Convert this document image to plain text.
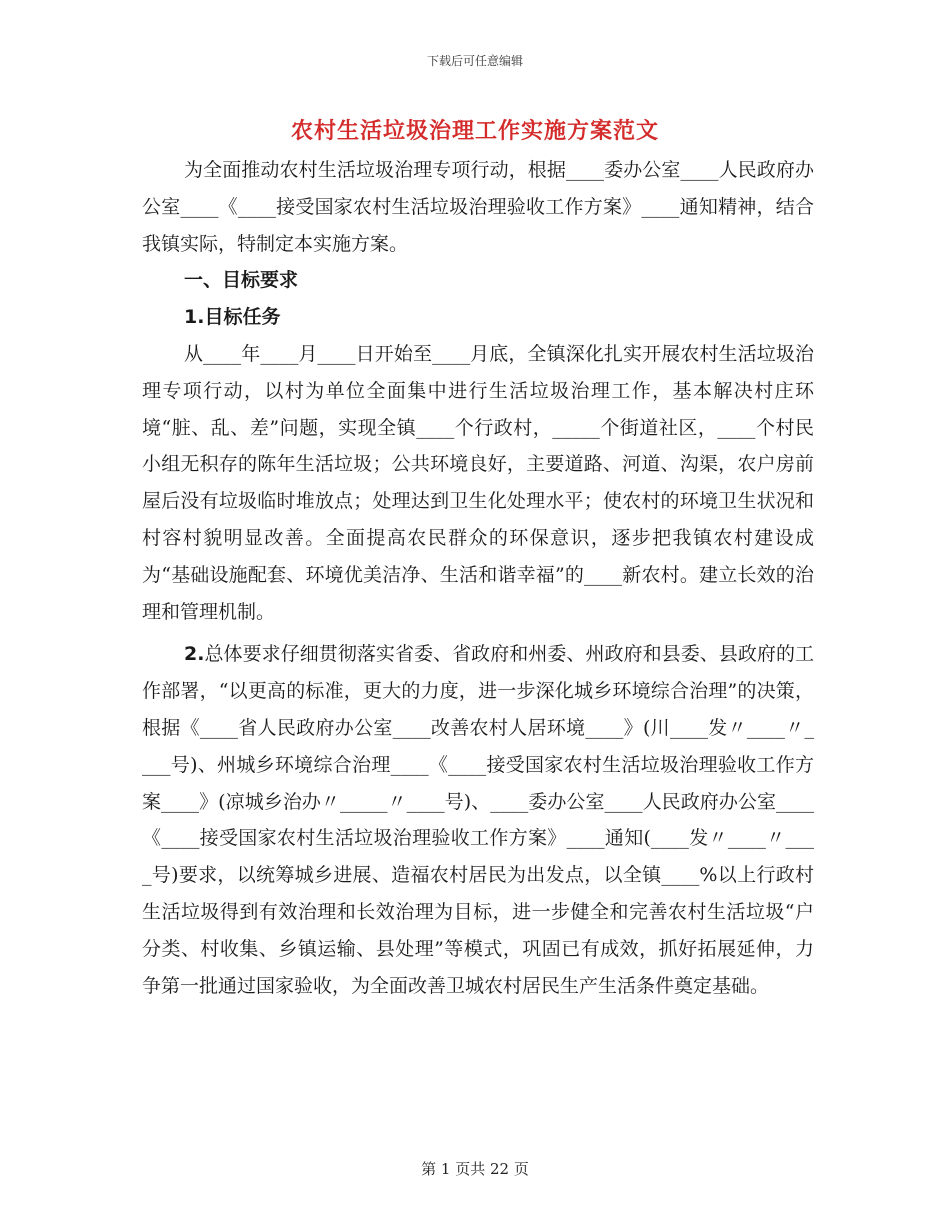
下载后可任意编辑
农村生活垃圾治理工作实施方案范文

为全面推动农村生活垃圾治理专项行动，根据____委办公室____人民政府办公室____《____接受国家农村生活垃圾治理验收工作方案》____通知精神，结合我镇实际，特制定本实施方案。

一、目标要求

1.目标任务

从____年____月____日开始至____月底，全镇深化扎实开展农村生活垃圾治理专项行动，以村为单位全面集中进行生活垃圾治理工作，基本解决村庄环境“脏、乱、差”问题，实现全镇____个行政村，_____个街道社区，____个村民小组无积存的陈年生活垃圾；公共环境良好，主要道路、河道、沟渠，农户房前屋后没有垃圾临时堆放点；处理达到卫生化处理水平；使农村的环境卫生状况和村容村貌明显改善。全面提高农民群众的环保意识，逐步把我镇农村建设成为“基础设施配套、环境优美洁净、生活和谐幸福”的____新农村。建立长效的治理和管理机制。

2.总体要求仔细贯彻落实省委、省政府和州委、州政府和县委、县政府的工作部署，“以更高的标准，更大的力度，进一步深化城乡环境综合治理”的决策，根据《____省人民政府办公室____改善农村人居环境____》(川____发〃____〃____号)、州城乡环境综合治理____《____接受国家农村生活垃圾治理验收工作方案____》(凉城乡治办〃_____〃____号)、____委办公室____人民政府办公室____《____接受国家农村生活垃圾治理验收工作方案》____通知(____发〃____〃____号)要求，以统筹城乡进展、造福农村居民为出发点，以全镇____%以上行政村生活垃圾得到有效治理和长效治理为目标，进一步健全和完善农村生活垃圾“户分类、村收集、乡镇运输、县处理”等模式，巩固已有成效，抓好拓展延伸，力争第一批通过国家验收，为全面改善卫城农村居民生产生活条件奠定基础。

第 1 页共 22 页
